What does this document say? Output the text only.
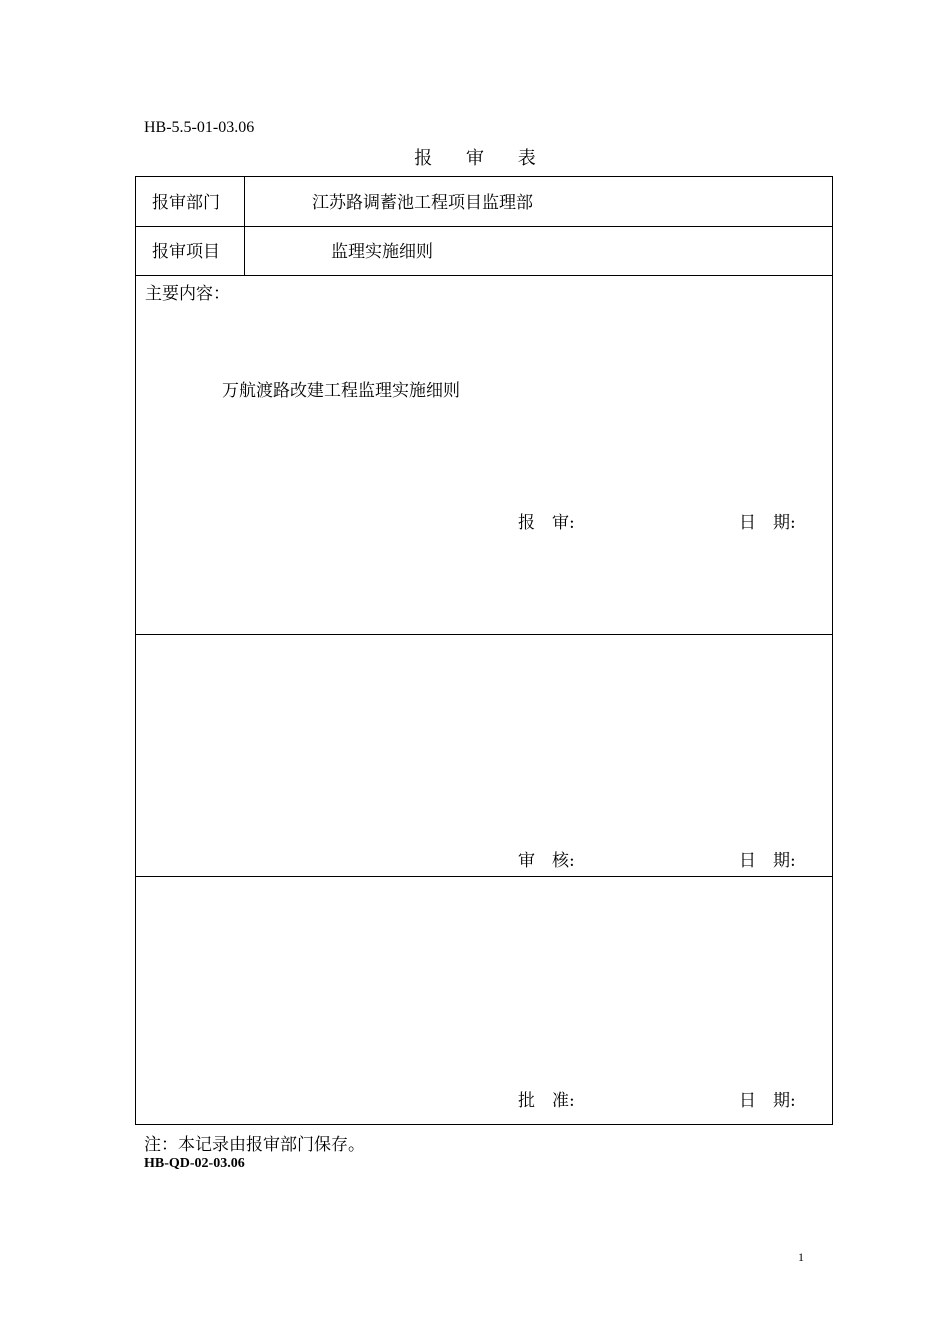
HB-5.5-01-03.06
报 审 表
报审部门	江苏路调蓄池工程项目监理部
报审项目	监理实施细则
主要内容：
万航渡路改建工程监理实施细则
报　审:	日　期:
审　核:	日　期:
批　准:	日　期:
注：本记录由报审部门保存。
HB-QD-02-03.06
1
